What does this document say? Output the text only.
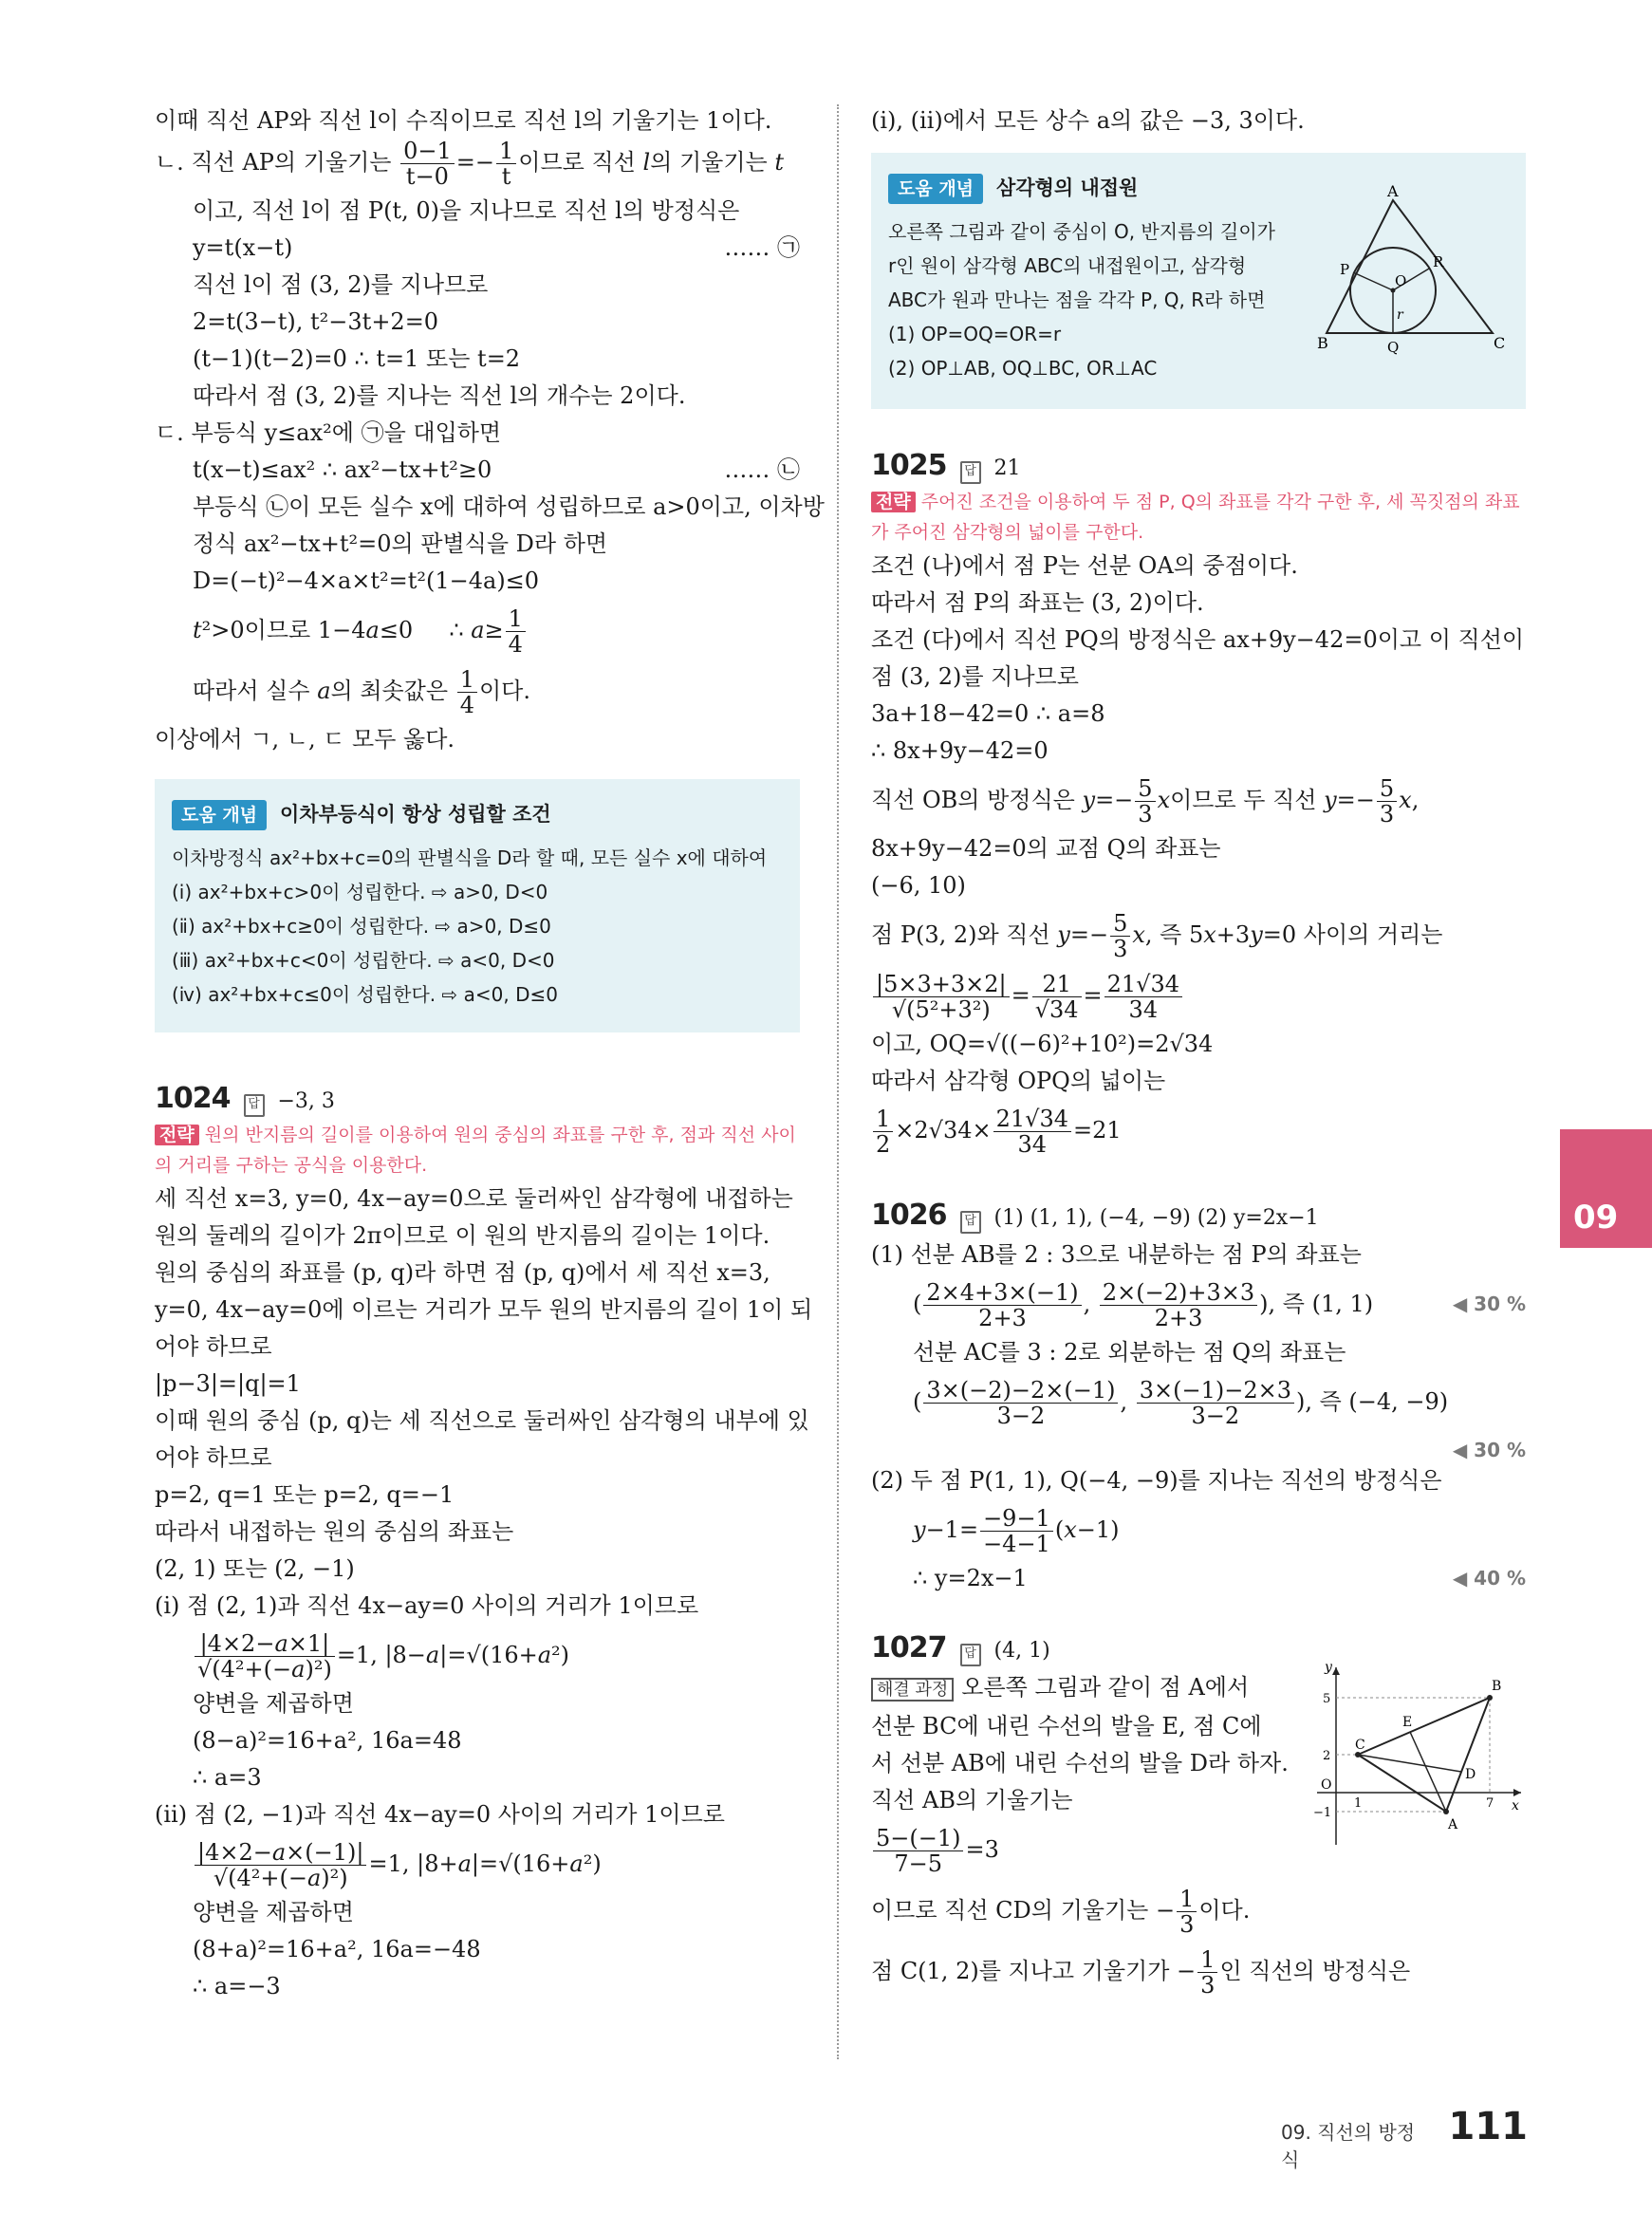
이때 직선 AP와 직선 l이 수직이므로 직선 l의 기울기는 1이다.
ㄴ. 직선 AP의 기울기는 $\frac{0-1}{t-0} =- \frac{1}{t}$ 이므로 직선 l의 기울기는 t
이고, 직선 l이 점 P(t, 0)을 지나므로 직선 l의 방정식은
y=t(x−t)	…… ㉠
직선 l이 점 (3, 2)를 지나므로
2=t(3−t), t²−3t+2=0
(t−1)(t−2)=0 ∴ t=1 또는 t=2
따라서 점 (3, 2)를 지나는 직선 l의 개수는 2이다.
ㄷ. 부등식 y≤ax²에 ㉠을 대입하면
t(x−t)≤ax² ∴ ax²−tx+t²≥0	…… ㉡
부등식 ㉡이 모든 실수 x에 대하여 성립하므로 a>0이고, 이차방
정식 ax²−tx+t²=0의 판별식을 D라 하면
D=(−t)²−4×a×t²=t²(1−4a)≤0
t²>0이므로 1−4a≤0     ∴ $a\ge \frac{1}{4}$
따라서 실수 a의 최솟값은 $\frac{1}{4}$ 이다.
이상에서 ㄱ, ㄴ, ㄷ 모두 옳다.
도움 개념	이차부등식이 항상 성립할 조건
이차방정식 ax²+bx+c=0의 판별식을 D라 할 때, 모든 실수 x에 대하여
(ⅰ) ax²+bx+c>0이 성립한다. ⇨ a>0, D<0
(ⅱ) ax²+bx+c≥0이 성립한다. ⇨ a>0, D≤0
(ⅲ) ax²+bx+c<0이 성립한다. ⇨ a<0, D<0
(ⅳ) ax²+bx+c≤0이 성립한다. ⇨ a<0, D≤0
1024	답 −3, 3
전략 원의 반지름의 길이를 이용하여 원의 중심의 좌표를 구한 후, 점과 직선 사이의 거리를 구하는 공식을 이용한다.
세 직선 x=3, y=0, 4x−ay=0으로 둘러싸인 삼각형에 내접하는
원의 둘레의 길이가 2π이므로 이 원의 반지름의 길이는 1이다.
원의 중심의 좌표를 (p, q)라 하면 점 (p, q)에서 세 직선 x=3,
y=0, 4x−ay=0에 이르는 거리가 모두 원의 반지름의 길이 1이 되
어야 하므로
|p−3|=|q|=1
이때 원의 중심 (p, q)는 세 직선으로 둘러싸인 삼각형의 내부에 있
어야 하므로
p=2, q=1 또는 p=2, q=−1
따라서 내접하는 원의 중심의 좌표는
(2, 1) 또는 (2, −1)
(ⅰ) 점 (2, 1)과 직선 4x−ay=0 사이의 거리가 1이므로
$\frac{|4\times 2-a\times 1|}{\text{√(4²+(−a)²)}} =1$, |8−a|=√(16+a²)
양변을 제곱하면
(8−a)²=16+a², 16a=48
∴ a=3
(ⅱ) 점 (2, −1)과 직선 4x−ay=0 사이의 거리가 1이므로
$\frac{|4\times 2-a\times(-1)|}{\text{√(4²+(−a)²)}} =1$, |8+a|=√(16+a²)
양변을 제곱하면
(8+a)²=16+a², 16a=−48
∴ a=−3
(ⅰ), (ⅱ)에서 모든 상수 a의 값은 −3, 3이다.
도움 개념	삼각형의 내접원
오른쪽 그림과 같이 중심이 O, 반지름의 길이가
r인 원이 삼각형 ABC의 내접원이고, 삼각형
ABC가 원과 만나는 점을 각각 P, Q, R라 하면
(1) OP=OQ=OR=r
(2) OP⊥AB, OQ⊥BC, OR⊥AC
A
B	C
O
P
Q
R
r
1025	답 21
전략 주어진 조건을 이용하여 두 점 P, Q의 좌표를 각각 구한 후, 세 꼭짓점의 좌표가 주어진 삼각형의 넓이를 구한다.
조건 (나)에서 점 P는 선분 OA의 중점이다.
따라서 점 P의 좌표는 (3, 2)이다.
조건 (다)에서 직선 PQ의 방정식은 ax+9y−42=0이고 이 직선이
점 (3, 2)를 지나므로
3a+18−42=0 ∴ a=8
∴ 8x+9y−42=0
직선 OB의 방정식은 $y=- \frac{5}{3}$ x이므로 두 직선 $y=- \frac{5}{3} x$,
8x+9y−42=0의 교점 Q의 좌표는
(−6, 10)
점 P(3, 2)와 직선 $y=- \frac{5}{3} x$, 즉 5x+3y=0 사이의 거리는
$\frac{|5\times 3+3\times 2|}{\text{√(5²+3²)}} = \frac{21}{√34} = \frac{21√34}{34}$
이고, OQ=√((−6)²+10²)=2√34
따라서 삼각형 OPQ의 넓이는
$\frac{1}{2} \times 2√34\times \frac{21√34}{34} =21$
1026	답 (1) (1, 1), (−4, −9) (2) y=2x−1
(1) 선분 AB를 2 : 3으로 내분하는 점 P의 좌표는
( $\frac{2\times 4+3\times(-1)}{2+3}$ , $\frac{2\times(-2)+3\times 3}{2+3}$ ), 즉 (1, 1)	◀ 30 %
선분 AC를 3 : 2로 외분하는 점 Q의 좌표는
( $\frac{3\times(-2)-2\times(-1)}{3-2}$ , $\frac{3\times(-1)-2\times 3}{3-2}$ ), 즉 (−4, −9)
◀ 30 %
(2) 두 점 P(1, 1), Q(−4, −9)를 지나는 직선의 방정식은
$y-1= \frac{-9-1}{-4-1} (x-1)$
∴ y=2x−1	◀ 40 %
1027	답 (4, 1)
해결 과정 오른쪽 그림과 같이 점 A에서
선분 BC에 내린 수선의 발을 E, 점 C에
서 선분 AB에 내린 수선의 발을 D라 하자.
직선 AB의 기울기는
$\frac{5-(-1)}{7-5} =3$
이므로 직선 CD의 기울기는 − $\frac{1}{3}$ 이다.
점 C(1, 2)를 지나고 기울기가 − $\frac{1}{3}$ 인 직선의 방정식은
y
x
O
5
2
1	7
−1
A
B
C
D
E
09
09. 직선의 방정식
111
